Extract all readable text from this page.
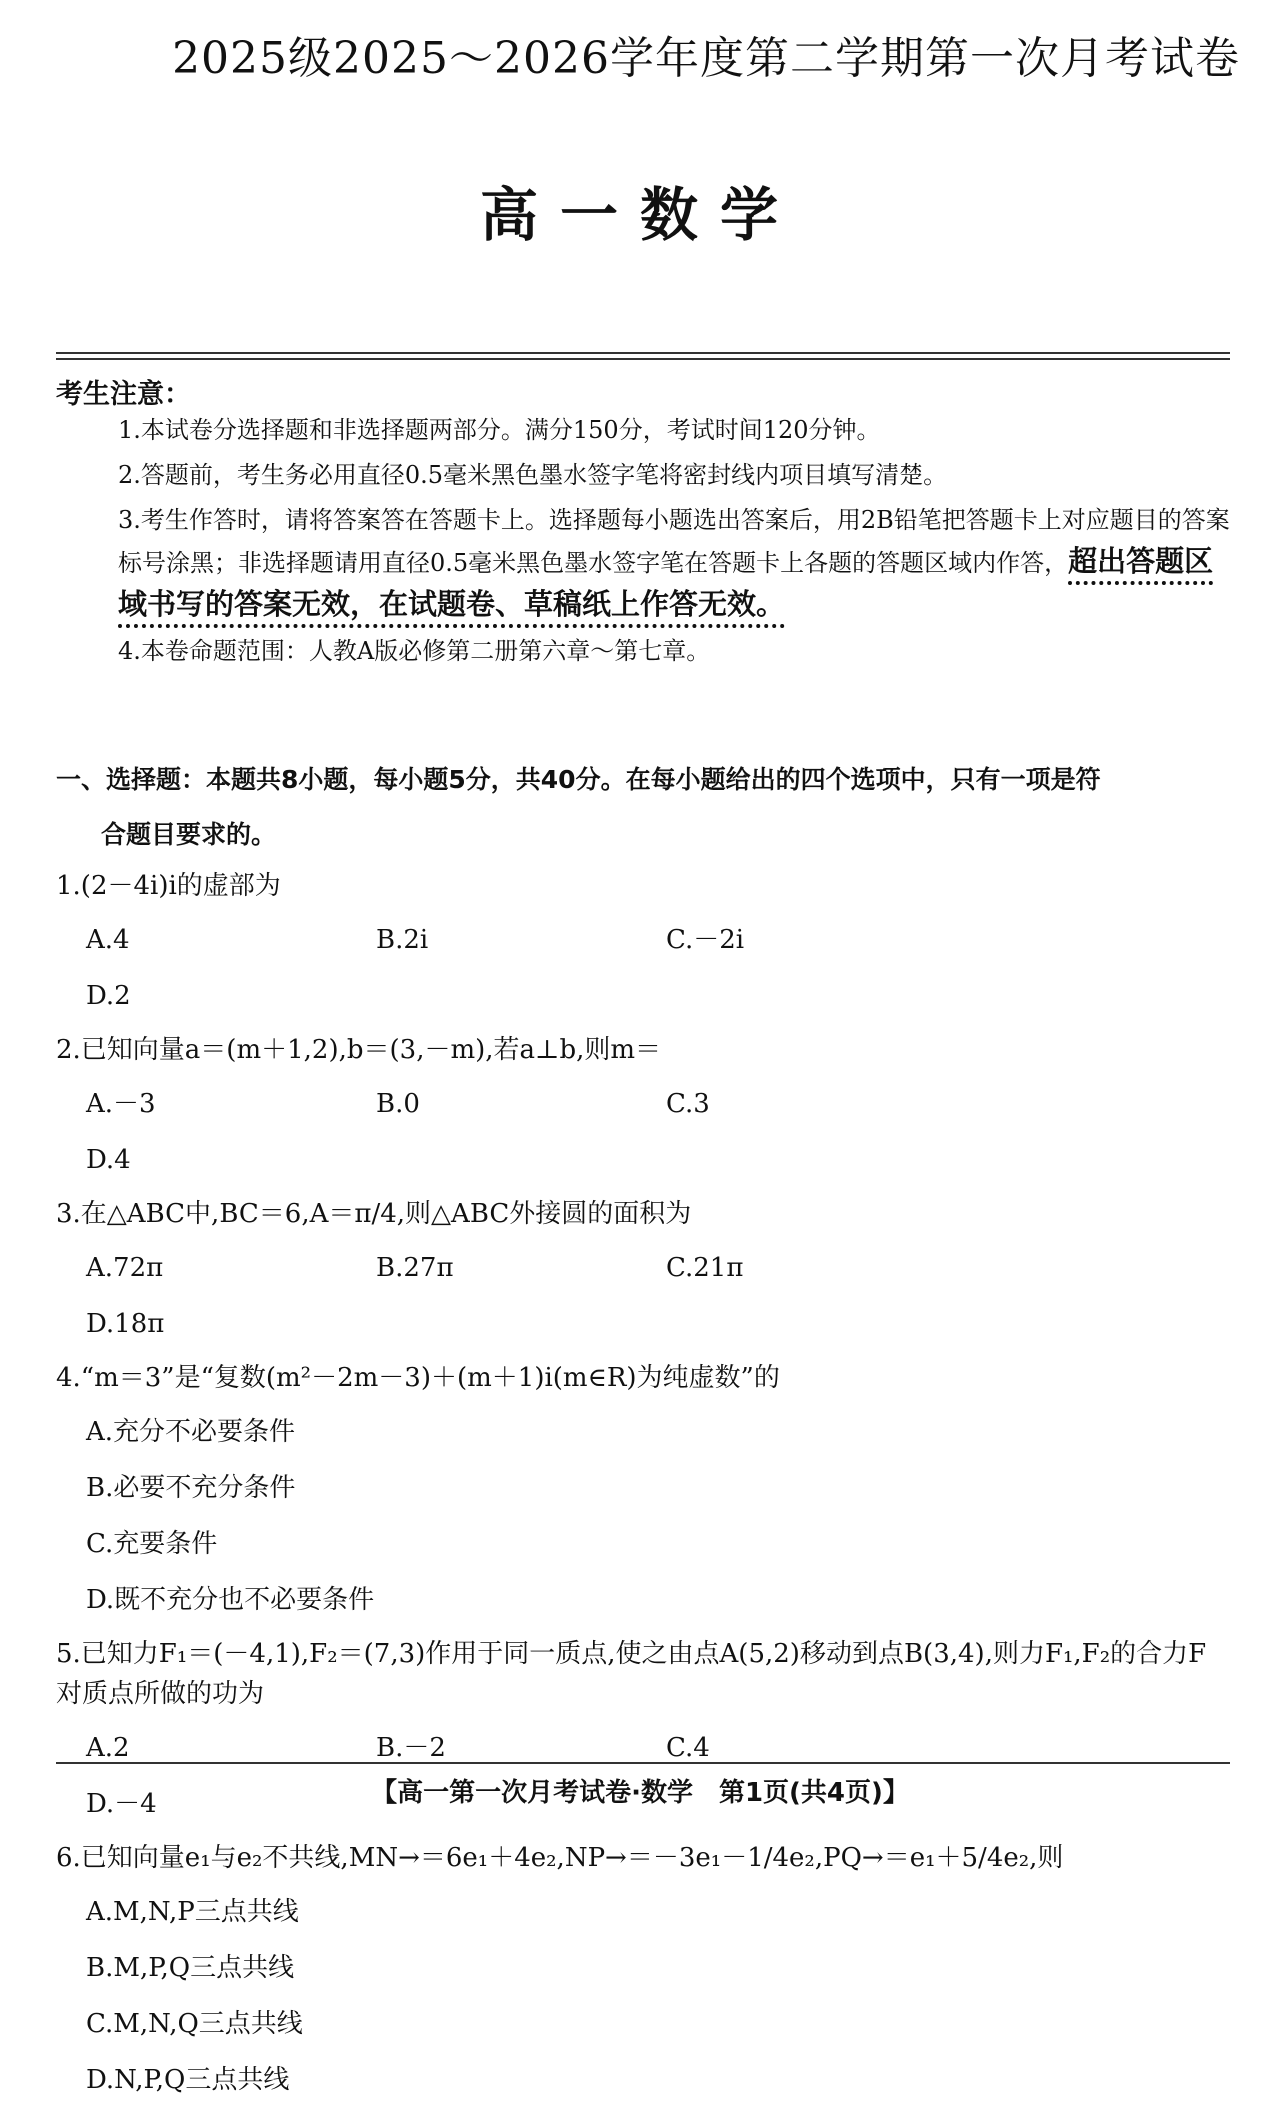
2025级2025～2026学年度第二学期第一次月考试卷
高一数学
考生注意：
1.本试卷分选择题和非选择题两部分。满分150分，考试时间120分钟。
2.答题前，考生务必用直径0.5毫米黑色墨水签字笔将密封线内项目填写清楚。
3.考生作答时，请将答案答在答题卡上。选择题每小题选出答案后，用2B铅笔把答题卡上对应题目的答案标号涂黑；非选择题请用直径0.5毫米黑色墨水签字笔在答题卡上各题的答题区域内作答，超出答题区域书写的答案无效，在试题卷、草稿纸上作答无效。
4.本卷命题范围：人教A版必修第二册第六章～第七章。
一、选择题：本题共8小题，每小题5分，共40分。在每小题给出的四个选项中，只有一项是符
合题目要求的。
1.(2－4i)i的虚部为
A.4	B.2i	C.－2i
D.2
2.已知向量a＝(m＋1,2),b＝(3,－m),若a⊥b,则m＝
A.－3	B.0	C.3
D.4
3.在△ABC中,BC＝6,A＝π/4,则△ABC外接圆的面积为
A.72π	B.27π	C.21π
D.18π
4.“m＝3”是“复数(m²－2m－3)＋(m＋1)i(m∈R)为纯虚数”的
A.充分不必要条件
B.必要不充分条件
C.充要条件
D.既不充分也不必要条件
5.已知力F₁＝(－4,1),F₂＝(7,3)作用于同一质点,使之由点A(5,2)移动到点B(3,4),则力F₁,F₂的合力F对质点所做的功为
A.2	B.－2	C.4
D.－4
6.已知向量e₁与e₂不共线,MN→＝6e₁＋4e₂,NP→＝－3e₁－1/4e₂,PQ→＝e₁＋5/4e₂,则
A.M,N,P三点共线
B.M,P,Q三点共线
C.M,N,Q三点共线
D.N,P,Q三点共线
【高一第一次月考试卷·数学　第1页(共4页)】
